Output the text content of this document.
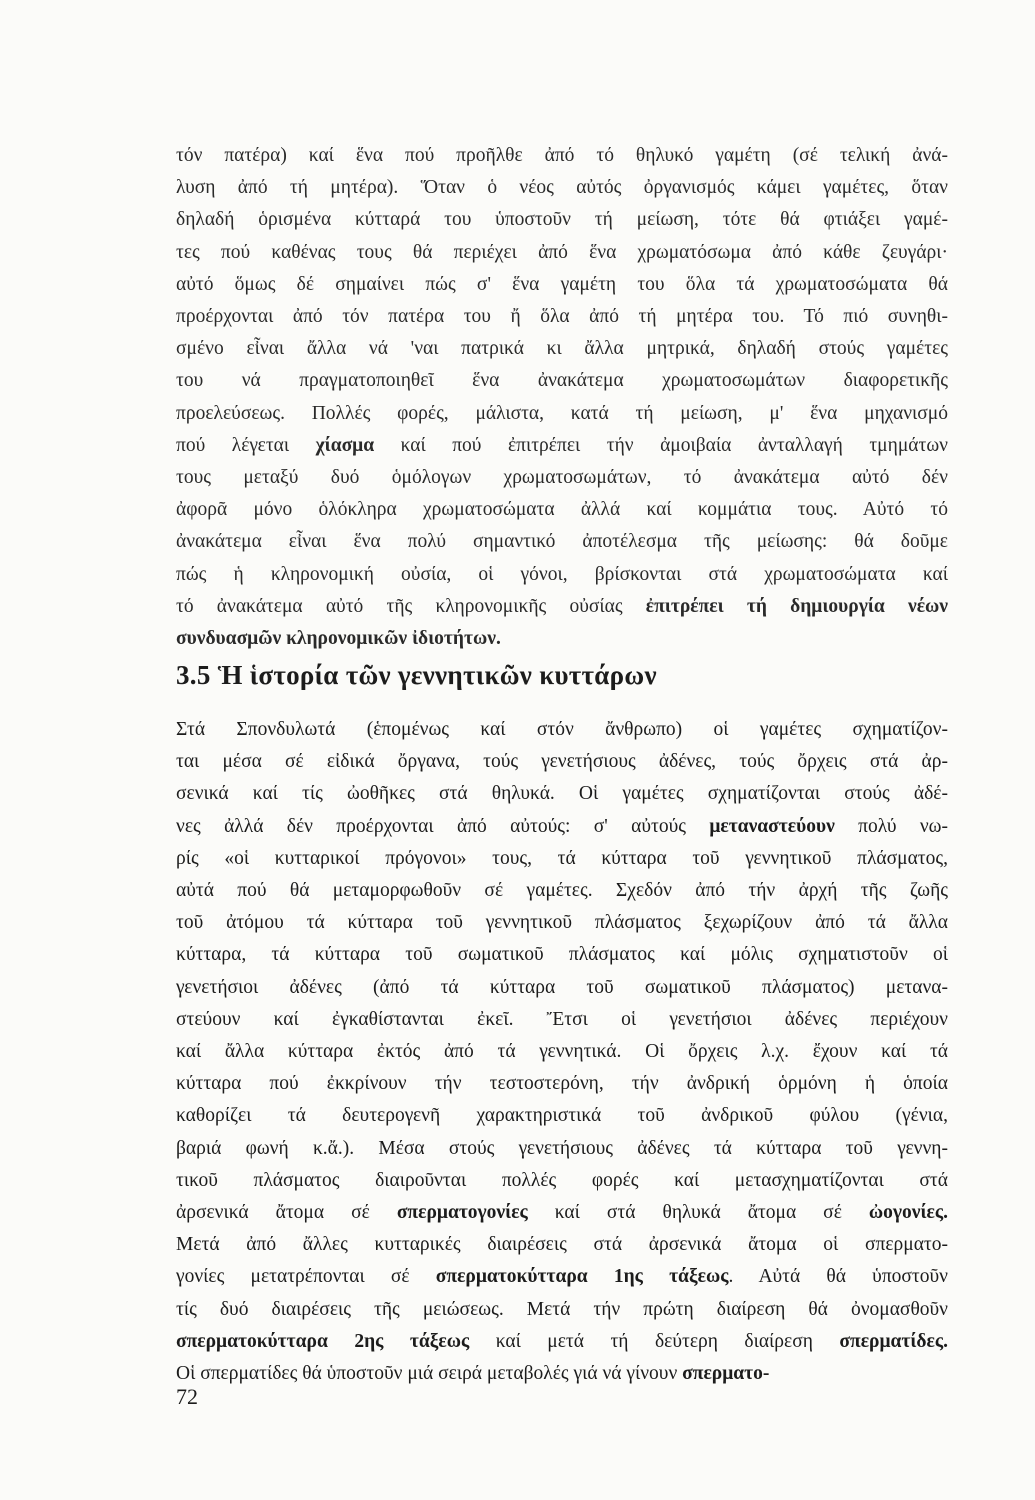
τόν πατέρα) καί ἕνα πού προῆλθε ἀπό τό θηλυκό γαμέτη (σέ τελική ἀνά-
λυση ἀπό τή μητέρα). Ὅταν ὁ νέος αὐτός ὀργανισμός κάμει γαμέτες, ὅταν
δηλαδή ὁρισμένα κύτταρά του ὑποστοῦν τή μείωση, τότε θά φτιάξει γαμέ-
τες πού καθένας τους θά περιέχει ἀπό ἕνα χρωματόσωμα ἀπό κάθε ζευγάρι·
αὐτό ὅμως δέ σημαίνει πώς σ' ἕνα γαμέτη του ὅλα τά χρωματοσώματα θά
προέρχονται ἀπό τόν πατέρα του ἤ ὅλα ἀπό τή μητέρα του. Τό πιό συνηθι-
σμένο εἶναι ἄλλα νά 'ναι πατρικά κι ἄλλα μητρικά, δηλαδή στούς γαμέτες
του νά πραγματοποιηθεῖ ἕνα ἀνακάτεμα χρωματοσωμάτων διαφορετικῆς
προελεύσεως. Πολλές φορές, μάλιστα, κατά τή μείωση, μ' ἕνα μηχανισμό
πού λέγεται χίασμα καί πού ἐπιτρέπει τήν ἀμοιβαία ἀνταλλαγή τμημάτων
τους μεταξύ δυό ὁμόλογων χρωματοσωμάτων, τό ἀνακάτεμα αὐτό δέν
ἀφορᾶ μόνο ὁλόκληρα χρωματοσώματα ἀλλά καί κομμάτια τους. Αὐτό τό
ἀνακάτεμα εἶναι ἕνα πολύ σημαντικό ἀποτέλεσμα τῆς μείωσης: θά δοῦμε
πώς ἡ κληρονομική οὐσία, οἱ γόνοι, βρίσκονται στά χρωματοσώματα καί
τό ἀνακάτεμα αὐτό τῆς κληρονομικῆς οὐσίας ἐπιτρέπει τή δημιουργία νέων
συνδυασμῶν κληρονομικῶν ἰδιοτήτων.
3.5 Ἡ ἱστορία τῶν γεννητικῶν κυττάρων
Στά Σπονδυλωτά (ἑπομένως καί στόν ἄνθρωπο) οἱ γαμέτες σχηματίζον-
ται μέσα σέ εἰδικά ὄργανα, τούς γενετήσιους ἀδένες, τούς ὄρχεις στά ἀρ-
σενικά καί τίς ὠοθῆκες στά θηλυκά. Οἱ γαμέτες σχηματίζονται στούς ἀδέ-
νες ἀλλά δέν προέρχονται ἀπό αὐτούς: σ' αὐτούς μεταναστεύουν πολύ νω-
ρίς «οἱ κυτταρικοί πρόγονοι» τους, τά κύτταρα τοῦ γεννητικοῦ πλάσματος,
αὐτά πού θά μεταμορφωθοῦν σέ γαμέτες. Σχεδόν ἀπό τήν ἀρχή τῆς ζωῆς
τοῦ ἀτόμου τά κύτταρα τοῦ γεννητικοῦ πλάσματος ξεχωρίζουν ἀπό τά ἄλλα
κύτταρα, τά κύτταρα τοῦ σωματικοῦ πλάσματος καί μόλις σχηματιστοῦν οἱ
γενετήσιοι ἀδένες (ἀπό τά κύτταρα τοῦ σωματικοῦ πλάσματος) μετανα-
στεύουν καί ἐγκαθίστανται ἐκεῖ. Ἔτσι οἱ γενετήσιοι ἀδένες περιέχουν
καί ἄλλα κύτταρα ἐκτός ἀπό τά γεννητικά. Οἱ ὄρχεις λ.χ. ἔχουν καί τά
κύτταρα πού ἐκκρίνουν τήν τεστοστερόνη, τήν ἀνδρική ὁρμόνη ἡ ὁποία
καθορίζει τά δευτερογενῆ χαρακτηριστικά τοῦ ἀνδρικοῦ φύλου (γένια,
βαριά φωνή κ.ἄ.). Μέσα στούς γενετήσιους ἀδένες τά κύτταρα τοῦ γεννη-
τικοῦ πλάσματος διαιροῦνται πολλές φορές καί μετασχηματίζονται στά
ἀρσενικά ἄτομα σέ σπερματογονίες καί στά θηλυκά ἄτομα σέ ὠογονίες.
Μετά ἀπό ἄλλες κυτταρικές διαιρέσεις στά ἀρσενικά ἄτομα οἱ σπερματο-
γονίες μετατρέπονται σέ σπερματοκύτταρα 1ης τάξεως. Αὐτά θά ὑποστοῦν
τίς δυό διαιρέσεις τῆς μειώσεως. Μετά τήν πρώτη διαίρεση θά ὀνομασθοῦν
σπερματοκύτταρα 2ης τάξεως καί μετά τή δεύτερη διαίρεση σπερματίδες.
Οἱ σπερματίδες θά ὑποστοῦν μιά σειρά μεταβολές γιά νά γίνουν σπερματο-
72
